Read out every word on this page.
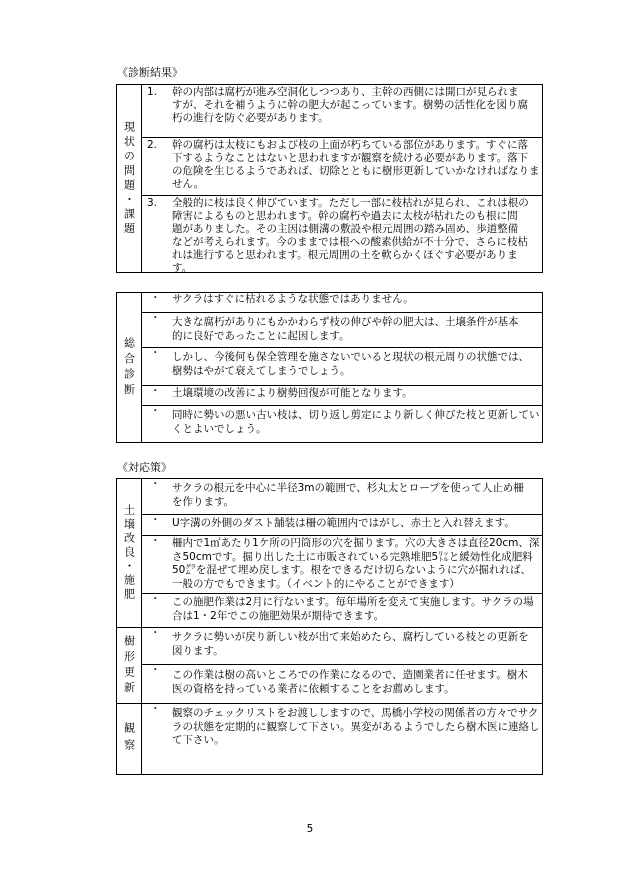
《診断結果》
現状の問題・課題
1.	幹の内部は腐朽が進み空洞化しつつあり、主幹の西側には開口が見られま
すが、それを補うように幹の肥大が起こっています。樹勢の活性化を図り腐
朽の進行を防ぐ必要があります。
2.	幹の腐朽は太枝にもおよび枝の上面が朽ちている部位があります。すぐに落
下するようなことはないと思われますが観察を続ける必要があります。落下
の危険を生じるようであれば、切除とともに樹形更新していかなければなりま
せん。
3.	全般的に枝は良く伸びています。ただし一部に枝枯れが見られ、これは根の
障害によるものと思われます。幹の腐朽や過去に太枝が枯れたのも根に問
題がありました。その主因は側溝の敷設や根元周囲の踏み固め、歩道整備
などが考えられます。今のままでは根への酸素供給が不十分で、さらに枝枯
れは進行すると思われます。根元周囲の土を軟らかくほぐす必要がありま
す。
総合診断
・	サクラはすぐに枯れるような状態ではありません。
・	大きな腐朽がありにもかかわらず枝の伸びや幹の肥大は、土壌条件が基本
的に良好であったことに起因します。
・	しかし、今後何も保全管理を施さないでいると現状の根元周りの状態では、
樹勢はやがて衰えてしまうでしょう。
・	土壌環境の改善により樹勢回復が可能となります。
・	同時に勢いの悪い古い枝は、切り返し剪定により新しく伸びた枝と更新してい
くとよいでしょう。
《対応策》
土壌改良・施肥
・	サクラの根元を中心に半径3mの範囲で、杉丸太とロープを使って人止め柵
を作ります。
・	U字溝の外側のダスト舗装は柵の範囲内ではがし、赤土と入れ替えます。
・	柵内で1㎡あたり1ケ所の円筒形の穴を掘ります。穴の大きさは直径20cm、深
さ50cmです。掘り出した土に市販されている完熟堆肥5㍑と緩効性化成肥料
50㌘を混ぜて埋め戻します。根をできるだけ切らないように穴が掘れれば、
一般の方でもできます。（イベント的にやることができます）
・	この施肥作業は2月に行ないます。毎年場所を変えて実施します。サクラの場
合は1・2年でこの施肥効果が期待できます。
樹形更新
・	サクラに勢いが戻り新しい枝が出て来始めたら、腐朽している枝との更新を
図ります。
・	この作業は樹の高いところでの作業になるので、造園業者に任せます。樹木
医の資格を持っている業者に依頼することをお薦めします。
観察
・	観察のチェックリストをお渡ししますので、馬橋小学校の関係者の方々でサク
ラの状態を定期的に観察して下さい。異変があるようでしたら樹木医に連絡し
て下さい。
5
